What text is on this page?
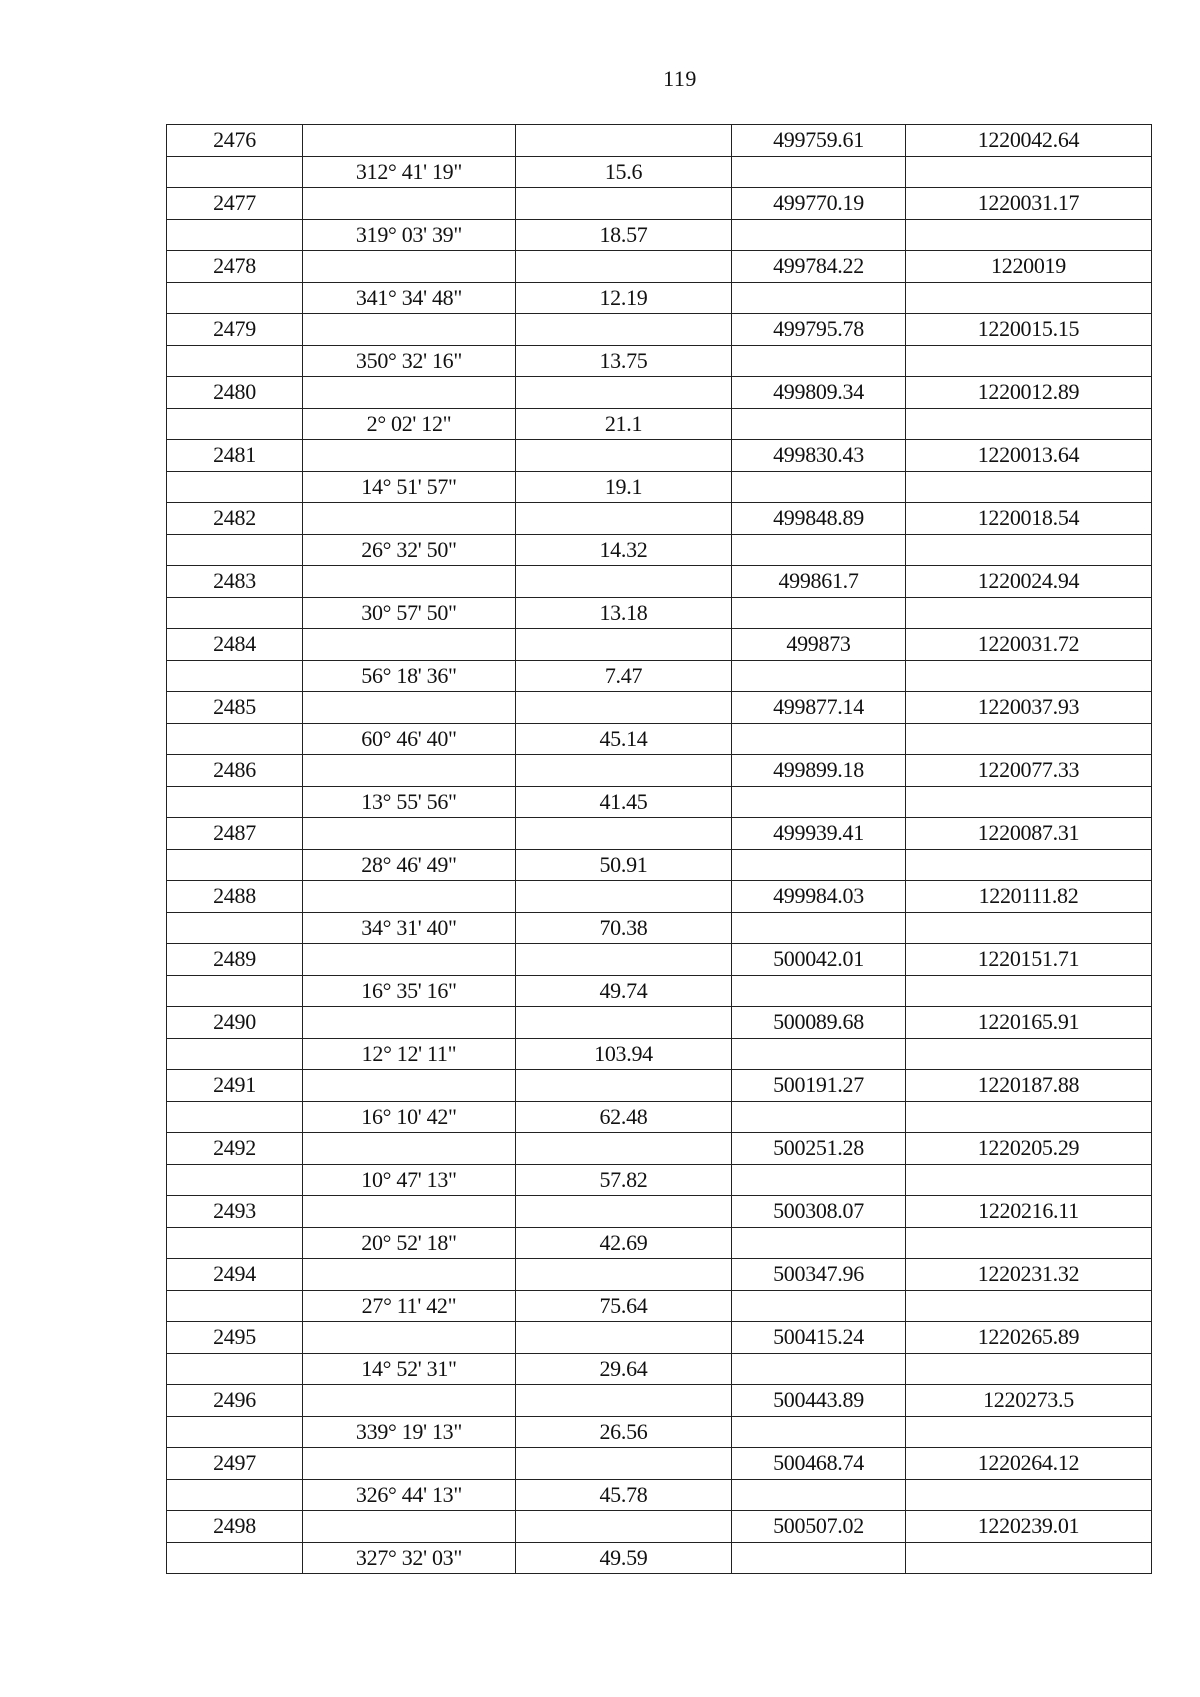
119
2476			499759.61	1220042.64
	312° 41' 19"	15.6		
2477			499770.19	1220031.17
	319° 03' 39"	18.57		
2478			499784.22	1220019
	341° 34' 48"	12.19		
2479			499795.78	1220015.15
	350° 32' 16"	13.75		
2480			499809.34	1220012.89
	2° 02' 12"	21.1		
2481			499830.43	1220013.64
	14° 51' 57"	19.1		
2482			499848.89	1220018.54
	26° 32' 50"	14.32		
2483			499861.7	1220024.94
	30° 57' 50"	13.18		
2484			499873	1220031.72
	56° 18' 36"	7.47		
2485			499877.14	1220037.93
	60° 46' 40"	45.14		
2486			499899.18	1220077.33
	13° 55' 56"	41.45		
2487			499939.41	1220087.31
	28° 46' 49"	50.91		
2488			499984.03	1220111.82
	34° 31' 40"	70.38		
2489			500042.01	1220151.71
	16° 35' 16"	49.74		
2490			500089.68	1220165.91
	12° 12' 11"	103.94		
2491			500191.27	1220187.88
	16° 10' 42"	62.48		
2492			500251.28	1220205.29
	10° 47' 13"	57.82		
2493			500308.07	1220216.11
	20° 52' 18"	42.69		
2494			500347.96	1220231.32
	27° 11' 42"	75.64		
2495			500415.24	1220265.89
	14° 52' 31"	29.64		
2496			500443.89	1220273.5
	339° 19' 13"	26.56		
2497			500468.74	1220264.12
	326° 44' 13"	45.78		
2498			500507.02	1220239.01
	327° 32' 03"	49.59		
